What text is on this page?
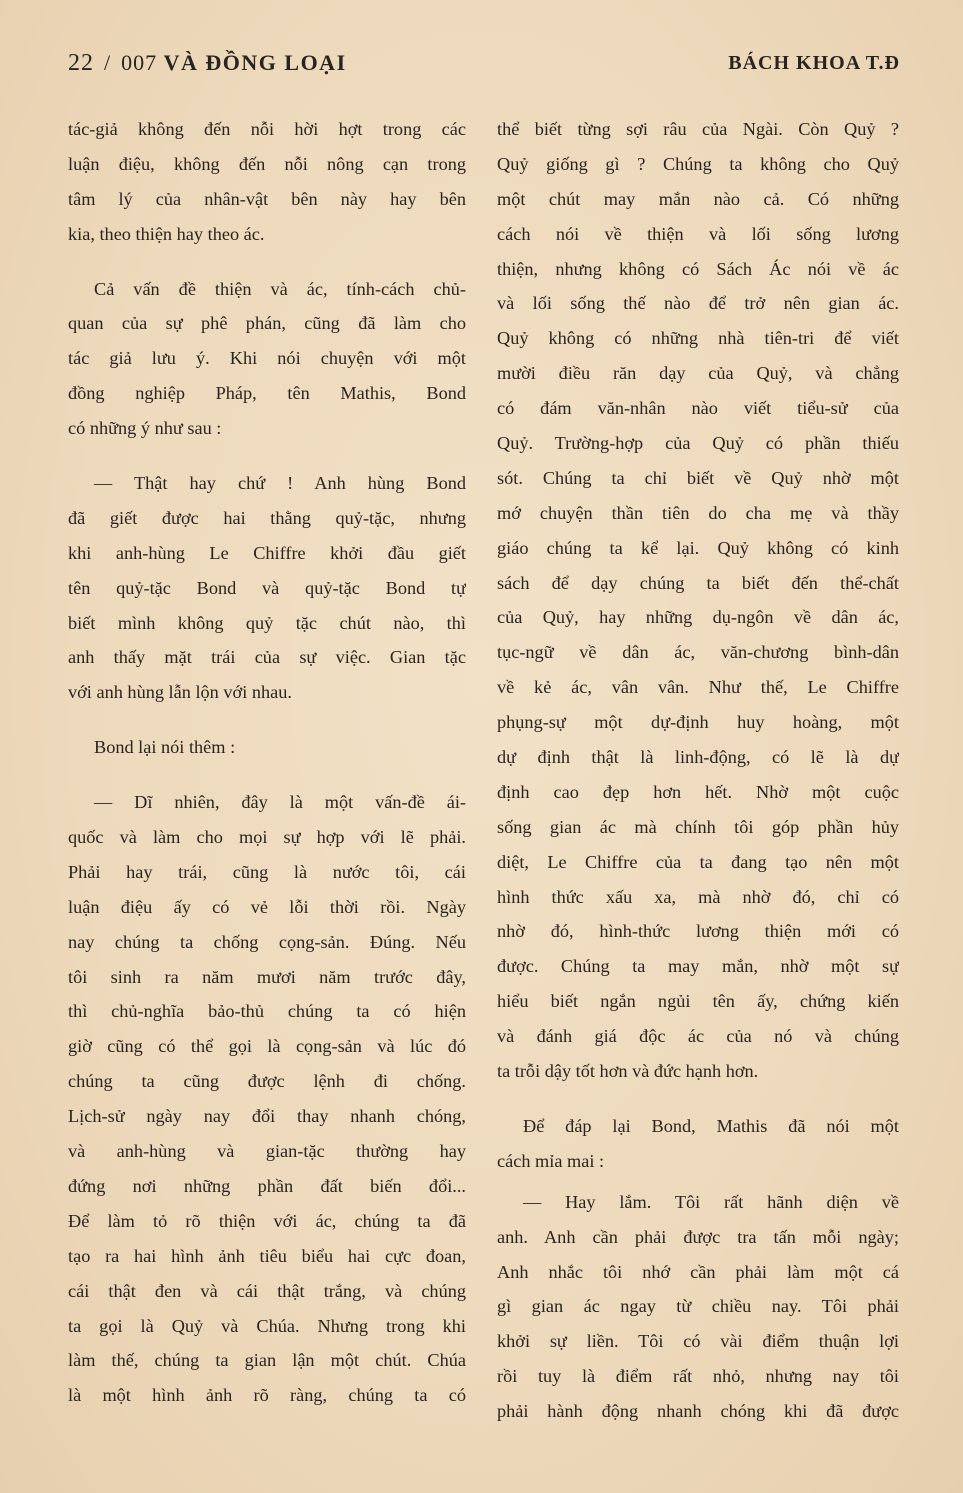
22 / 007 VÀ ĐỒNG LOẠI	BÁCH KHOA T.Đ
tác-giả không đến nỗi hời hợt trong các
luận điệu, không đến nỗi nông cạn trong
tâm lý của nhân-vật bên này hay bên
kia, theo thiện hay theo ác.
Cả vấn đề thiện và ác, tính-cách chủ-
quan của sự phê phán, cũng đã làm cho
tác giả lưu ý. Khi nói chuyện với một
đồng nghiệp Pháp, tên Mathis, Bond
có những ý như sau :
— Thật hay chứ ! Anh hùng Bond
đã giết được hai thằng quỷ-tặc, nhưng
khi anh-hùng Le Chiffre khởi đầu giết
tên quỷ-tặc Bond và quỷ-tặc Bond tự
biết mình không quỷ tặc chút nào, thì
anh thấy mặt trái của sự việc. Gian tặc
với anh hùng lẫn lộn với nhau.
Bond lại nói thêm :
— Dĩ nhiên, đây là một vấn-đề ái-
quốc và làm cho mọi sự hợp với lẽ phải.
Phải hay trái, cũng là nước tôi, cái
luận điệu ấy có vẻ lỗi thời rồi. Ngày
nay chúng ta chống cọng-sản. Đúng. Nếu
tôi sinh ra năm mươi năm trước đây,
thì chủ-nghĩa bảo-thủ chúng ta có hiện
giờ cũng có thể gọi là cọng-sản và lúc đó
chúng ta cũng được lệnh đi chống.
Lịch-sử ngày nay đổi thay nhanh chóng,
và anh-hùng và gian-tặc thường hay
đứng nơi những phần đất biến đổi...
Để làm tỏ rõ thiện với ác, chúng ta đã
tạo ra hai hình ảnh tiêu biểu hai cực đoan,
cái thật đen và cái thật trắng, và chúng
ta gọi là Quỷ và Chúa. Nhưng trong khi
làm thế, chúng ta gian lận một chút. Chúa
là một hình ảnh rõ ràng, chúng ta có
thể biết từng sợi râu của Ngài. Còn Quỷ ?
Quỷ giống gì ? Chúng ta không cho Quỷ
một chút may mắn nào cả. Có những
cách nói về thiện và lối sống lương
thiện, nhưng không có Sách Ác nói về ác
và lối sống thế nào để trở nên gian ác.
Quỷ không có những nhà tiên-tri để viết
mười điều răn dạy của Quỷ, và chẳng
có đám văn-nhân nào viết tiểu-sử của
Quỷ. Trường-hợp của Quỷ có phần thiếu
sót. Chúng ta chỉ biết về Quỷ nhờ một
mớ chuyện thần tiên do cha mẹ và thầy
giáo chúng ta kể lại. Quỷ không có kinh
sách để dạy chúng ta biết đến thể-chất
của Quỷ, hay những dụ-ngôn về dân ác,
tục-ngữ về dân ác, văn-chương bình-dân
về kẻ ác, vân vân. Như thế, Le Chiffre
phụng-sự một dự-định huy hoàng, một
dự định thật là linh-động, có lẽ là dự
định cao đẹp hơn hết. Nhờ một cuộc
sống gian ác mà chính tôi góp phần hủy
diệt, Le Chiffre của ta đang tạo nên một
hình thức xấu xa, mà nhờ đó, chỉ có
nhờ đó, hình-thức lương thiện mới có
được. Chúng ta may mắn, nhờ một sự
hiểu biết ngắn ngủi tên ấy, chứng kiến
và đánh giá độc ác của nó và chúng
ta trỗi dậy tốt hơn và đức hạnh hơn.
Để đáp lại Bond, Mathis đã nói một
cách mỉa mai :
— Hay lắm. Tôi rất hãnh diện về
anh. Anh cần phải được tra tấn mỗi ngày;
Anh nhắc tôi nhớ cần phải làm một cá
gì gian ác ngay từ chiều nay. Tôi phải
khởi sự liền. Tôi có vài điểm thuận lợi
rồi tuy là điểm rất nhỏ, nhưng nay tôi
phải hành động nhanh chóng khi đã được
